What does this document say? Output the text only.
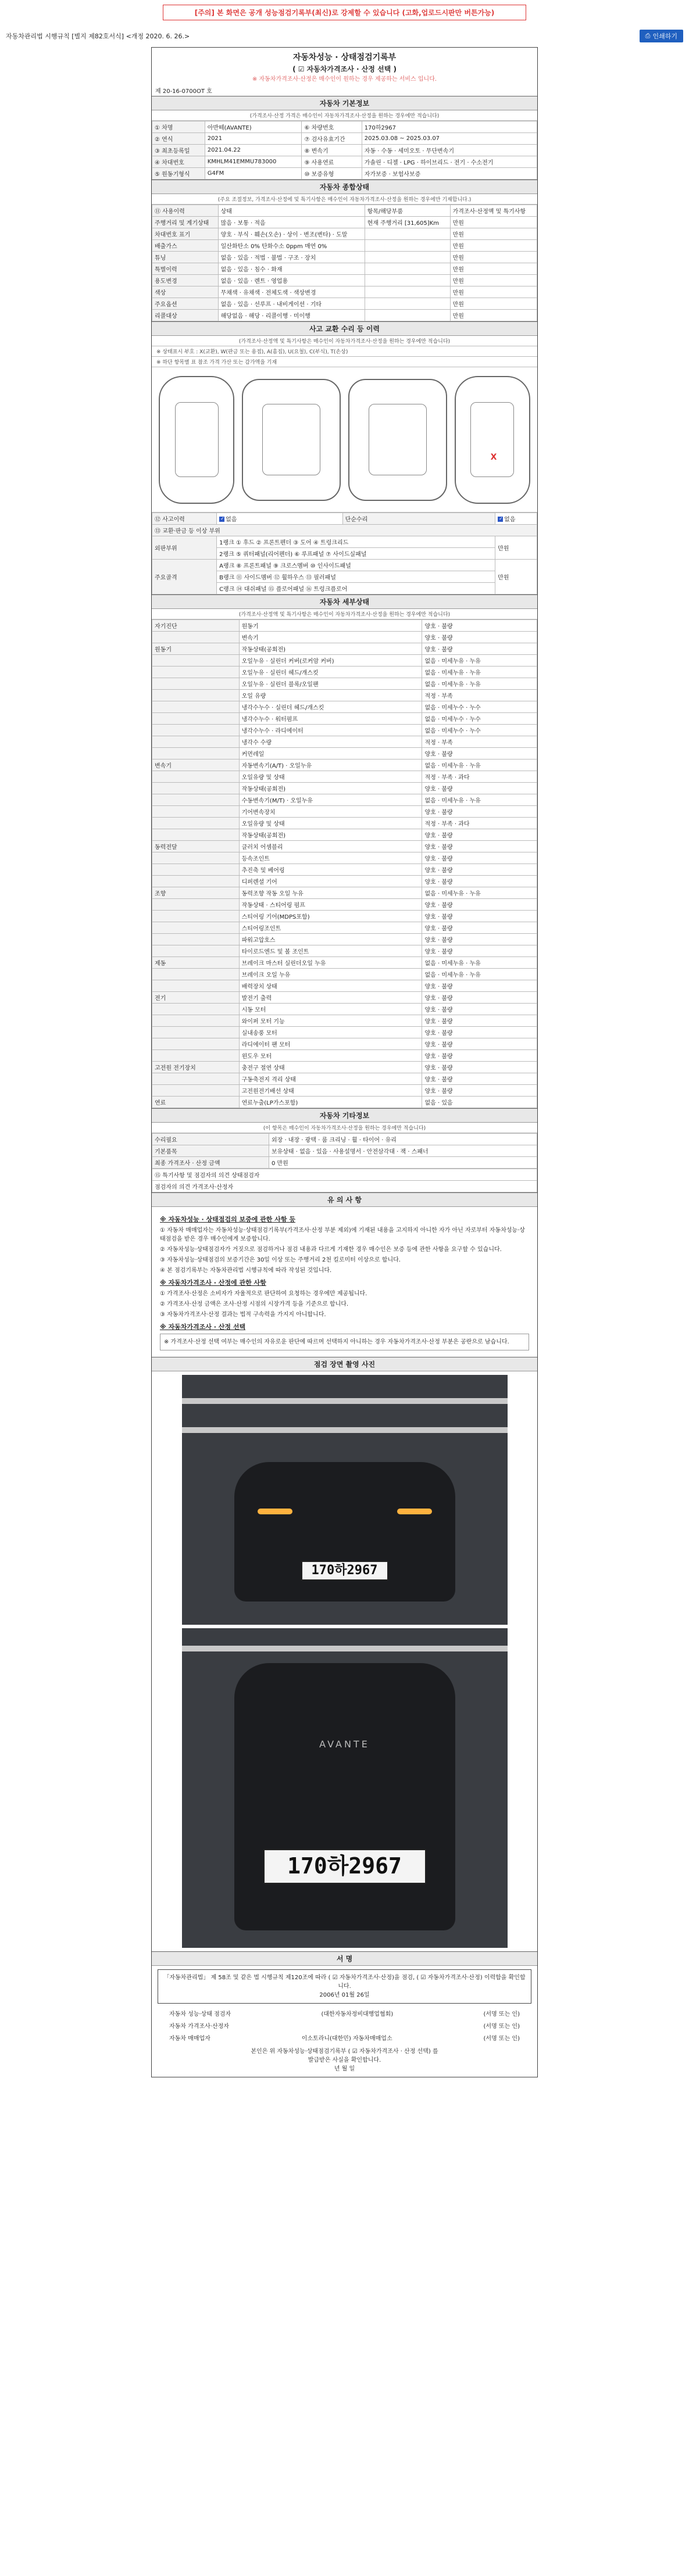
[주의] 본 화면은 공개 성능점검기록부(최신)로 강제할 수 있습니다 (고화,업로드시판만 버튼가능)
자동차관리법 시행규칙 [별지 제82호서식] <개정 2020. 6. 26.>	⎙ 인쇄하기
자동차성능 · 상태점검기록부
( ☑ 자동차가격조사 · 산정 선택 )
※ 자동차가격조사·산정은 매수인이 원하는 경우 제공하는 서비스 입니다.
제 20-16-0700OT 호
자동차 기본정보
(가격조사·산정 가격은 매수인이 자동차가격조사·산정을 원하는 경우에만 적습니다)
① 차명	아반떼(AVANTE)	⑥ 차량번호	170하2967
② 연식	2021	⑦ 검사유효기간	2025.03.08 ~ 2025.03.07
③ 최초등록일	2021.04.22	⑧ 변속기	자동 · 수동 · 세미오토 · 무단변속기
④ 차대번호	KMHLM41EMMU783000	⑨ 사용연료	가솔린 · 디젤 · LPG · 하이브리드 · 전기 · 수소전기
⑤ 원동기형식	G4FM	⑩ 보증유형	자가보증 · 보험사보증
자동차 종합상태
(주요 조절정보, 가격조사·산정에 및 특기사항은 매수인이 자동차가격조사·산정을 원하는 경우에만 기재합니다.)
⑪ 사용이력	상태	항목/해당부품	가격조사·산정액 및 특기사항
주행거리 및 계기상태	많음 · 보통 · 적음	현재 주행거리 [31,605]Km	만원
차대번호 표기	양호 · 부식 · 훼손(오손) · 상이 · 변조(변타) · 도말		만원
배출가스	일산화탄소 0% 탄화수소 0ppm 매연 0%		만원
튜닝	없음 · 있음 · 적법 · 불법 · 구조 · 장치		만원
특별이력	없음 · 있음 · 침수 · 화재		만원
용도변경	없음 · 있음 · 렌트 · 영업용		만원
색상	무채색 · 유채색 · 전체도색 · 색상변경		만원
주요옵션	없음 · 있음 · 선루프 · 내비게이션 · 기타		만원
리콜대상	해당없음 · 해당 · 리콜이행 · 미이행		만원
사고 교환 수리 등 이력
(가격조사·산정액 및 특기사항은 매수인이 자동차가격조사·산정을 원하는 경우에만 적습니다)
※ 상태표시 부호 : X(교환), W(판금 또는 용접), A(흠집), U(요철), C(부식), T(손상)
※ 하단 항목별 표 참조 가격 가산 또는 감가액을 기재
X
⑫ 사고이력	✓없음	단순수리	✓없음
⑬ 교환·판금 등 이상 부위			
외판부위	1랭크 ① 후드 ② 프론트펜더 ③ 도어 ④ 트렁크리드		만원
	2랭크 ⑤ 쿼터패널(리어펜더) ⑥ 루프패널 ⑦ 사이드실패널		
주요골격	A랭크 ⑧ 프론트패널 ⑨ 크로스멤버 ⑩ 인사이드패널		만원
	B랭크 ⑪ 사이드멤버 ⑫ 휠하우스 ⑬ 필러패널		
	C랭크 ⑭ 대쉬패널 ⑮ 플로어패널 ⑯ 트렁크플로어		
자동차 세부상태
(가격조사·산정액 및 특기사항은 매수인이 자동차가격조사·산정을 원하는 경우에만 적습니다)
자기진단	원동기	양호 · 불량
	변속기	양호 · 불량
원동기	작동상태(공회전)	양호 · 불량
	오일누유 · 실린더 커버(로커암 커버)	없음 · 미세누유 · 누유
	오일누유 · 실린더 헤드/개스킷	없음 · 미세누유 · 누유
	오일누유 · 실린더 블록/오일팬	없음 · 미세누유 · 누유
	오일 유량	적정 · 부족
	냉각수누수 · 실린더 헤드/개스킷	없음 · 미세누수 · 누수
	냉각수누수 · 워터펌프	없음 · 미세누수 · 누수
	냉각수누수 · 라디에이터	없음 · 미세누수 · 누수
	냉각수 수량	적정 · 부족
	커먼레일	양호 · 불량
변속기	자동변속기(A/T) · 오일누유	없음 · 미세누유 · 누유
	오일유량 및 상태	적정 · 부족 · 과다
	작동상태(공회전)	양호 · 불량
	수동변속기(M/T) · 오일누유	없음 · 미세누유 · 누유
	기어변속장치	양호 · 불량
	오일유량 및 상태	적정 · 부족 · 과다
	작동상태(공회전)	양호 · 불량
동력전달	클러치 어셈블리	양호 · 불량
	등속조인트	양호 · 불량
	추진축 및 베어링	양호 · 불량
	디퍼렌셜 기어	양호 · 불량
조향	동력조향 작동 오일 누유	없음 · 미세누유 · 누유
	작동상태 · 스티어링 펌프	양호 · 불량
	스티어링 기어(MDPS포함)	양호 · 불량
	스티어링조인트	양호 · 불량
	파워고압호스	양호 · 불량
	타이로드엔드 및 볼 조인트	양호 · 불량
제동	브레이크 마스터 실린더오일 누유	없음 · 미세누유 · 누유
	브레이크 오일 누유	없음 · 미세누유 · 누유
	배력장치 상태	양호 · 불량
전기	발전기 출력	양호 · 불량
	시동 모터	양호 · 불량
	와이퍼 모터 기능	양호 · 불량
	실내송풍 모터	양호 · 불량
	라디에이터 팬 모터	양호 · 불량
	윈도우 모터	양호 · 불량
고전원 전기장치	충전구 절연 상태	양호 · 불량
	구동축전지 격리 상태	양호 · 불량
	고전원전기배선 상태	양호 · 불량
연료	연료누출(LP가스포함)	없음 · 있음
자동차 기타정보
(이 항목은 매수인이 자동차가격조사·산정을 원하는 경우에만 적습니다)
수리필요	외장 · 내장 · 광택 · 룸 크리닝 · 휠 · 타이어 · 유리
기본품목	보유상태 · 없음 · 있음 · 사용설명서 · 안전삼각대 · 잭 · 스패너
최종 가격조사 · 산정 금액	0 만원
⑮ 특기사항 및 점검자의 의견 상태점검자
점검자의 의견 가격조사·산정자
유 의 사 항
※ 자동차성능 · 상태점검의 보증에 관한 사항 등

① 자동차 매매업자는 자동차성능·상태점검기록부(가격조사·산정 부분 제외)에 기재된 내용을 고지하지 아니한 자가 아닌 자로부터 자동차성능·상태점검을 받은 경우 매수인에게 보증합니다.

② 자동차성능·상태점검자가 거짓으로 점검하거나 점검 내용과 다르게 기재한 경우 매수인은 보증 등에 관한 사항을 요구할 수 있습니다.

③ 자동차성능·상태점검의 보증기간은 30일 이상 또는 주행거리 2천 킬로미터 이상으로 합니다.

④ 본 점검기록부는 자동차관리법 시행규칙에 따라 작성된 것입니다.

※ 자동차가격조사 · 산정에 관한 사항

① 가격조사·산정은 소비자가 자율적으로 판단하여 요청하는 경우에만 제공됩니다.

② 가격조사·산정 금액은 조사·산정 시점의 시장가격 등을 기준으로 합니다.

③ 자동차가격조사·산정 결과는 법적 구속력을 가지지 아니합니다.

※ 자동차가격조사 · 산정 선택

※ 가격조사·산정 선택 여부는 매수인의 자유로운 판단에 따르며 선택하지 아니하는 경우 자동차가격조사·산정 부분은 공란으로 남습니다.

점검 장면 촬영 사진
170하2967
AVANTE
170하2967
서 명
「자동차관리법」 제 58조 및 같은 법 시행규칙 제120조에 따라 ( ☑ 자동차가격조사·산정)을 점검, ( ☑ 자동차가격조사·산정) 이력함을 확인합니다.
2006년 01월 26일
자동차 성능·상태 점검자	(대한자동차정비대행업협회)	(서명 또는 인)
자동차 가격조사·산정자	(서명 또는 인)
자동차 매매업자	이소토라니(대한민) 자동차매매업소	(서명 또는 인)
본인은 위 자동차성능·상태점검기록부 ( ☑ 자동차가격조사 · 산정 선택) 를
발급받은 사실을 확인합니다.
년 월 일
